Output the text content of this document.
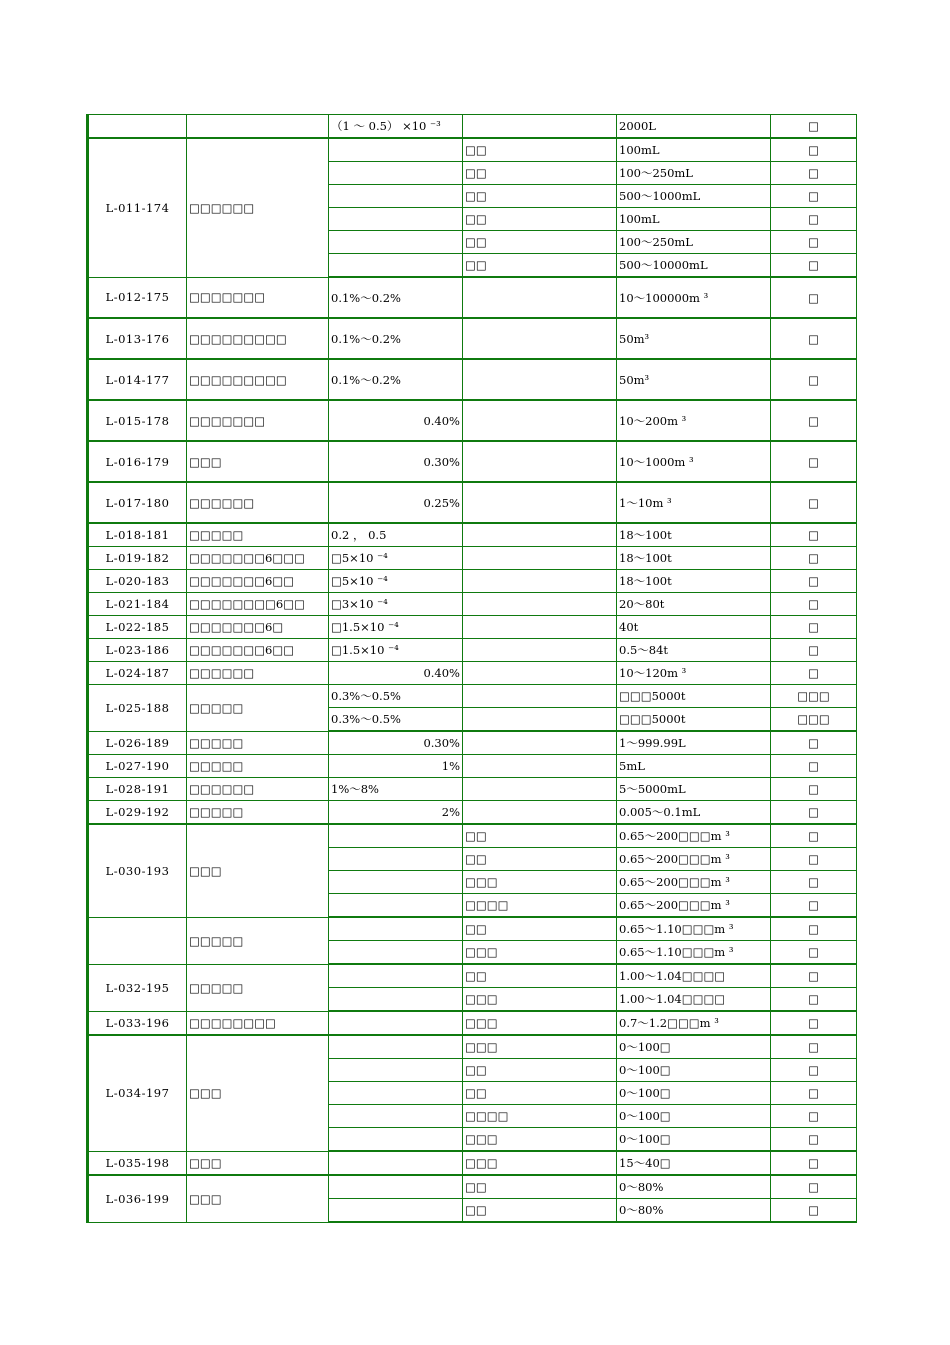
		（1 ～ 0.5） ×10 ⁻³		2000L	□
L-011-174	□□□□□□		□□	100mL	□
			□□	100～250mL	□
			□□	500～1000mL	□
			□□	100mL	□
			□□	100～250mL	□
			□□	500～10000mL	□
L-012-175	□□□□□□□	0.1%～0.2%		10～100000m ³	□
L-013-176	□□□□□□□□□	0.1%～0.2%		50m³	□
L-014-177	□□□□□□□□□	0.1%～0.2%		50m³	□
L-015-178	□□□□□□□	0.40%		10～200m ³	□
L-016-179	□□□	0.30%		10～1000m ³	□
L-017-180	□□□□□□	0.25%		1～10m ³	□
L-018-181	□□□□□	0.2 ， 0.5		18～100t	□
L-019-182	□□□□□□□6□□□	□5×10 ⁻⁴		18～100t	□
L-020-183	□□□□□□□6□□	□5×10 ⁻⁴		18～100t	□
L-021-184	□□□□□□□□6□□	□3×10 ⁻⁴		20～80t	□
L-022-185	□□□□□□□6□	□1.5×10 ⁻⁴		40t	□
L-023-186	□□□□□□□6□□	□1.5×10 ⁻⁴		0.5～84t	□
L-024-187	□□□□□□	0.40%		10～120m ³	□
L-025-188	□□□□□	0.3%～0.5%		□□□5000t	□□□
		0.3%～0.5%		□□□5000t	□□□
L-026-189	□□□□□	0.30%		1～999.99L	□
L-027-190	□□□□□	1%		5mL	□
L-028-191	□□□□□□	1%～8%		5～5000mL	□
L-029-192	□□□□□	2%		0.005～0.1mL	□
L-030-193	□□□		□□	0.65～200□□□m ³	□
			□□	0.65～200□□□m ³	□
			□□□	0.65～200□□□m ³	□
			□□□□	0.65～200□□□m ³	□
	□□□□□		□□	0.65～1.10□□□m ³	□
			□□□	0.65～1.10□□□m ³	□
L-032-195	□□□□□		□□	1.00～1.04□□□□	□
			□□□	1.00～1.04□□□□	□
L-033-196	□□□□□□□□		□□□	0.7～1.2□□□m ³	□
L-034-197	□□□		□□□	0～100□	□
			□□	0～100□	□
			□□	0～100□	□
			□□□□	0～100□	□
			□□□	0～100□	□
L-035-198	□□□		□□□	15～40□	□
L-036-199	□□□		□□	0～80%	□
			□□	0～80%	□
